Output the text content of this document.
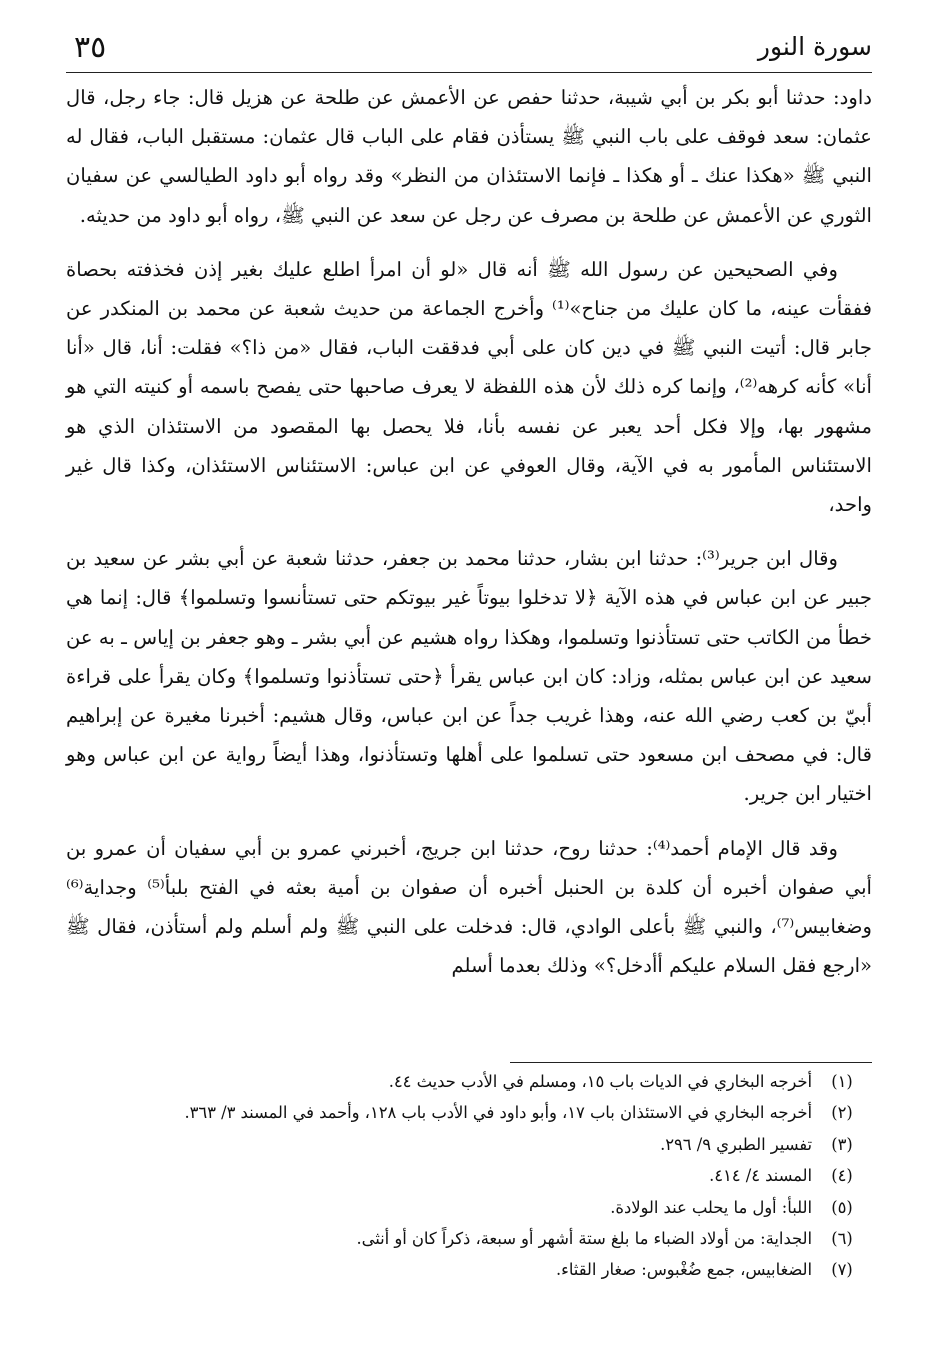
سورة النور
٣٥

داود: حدثنا أبو بكر بن أبي شيبة، حدثنا حفص عن الأعمش عن طلحة عن هزيل قال: جاء رجل، قال عثمان: سعد فوقف على باب النبي ﷺ يستأذن فقام على الباب قال عثمان: مستقبل الباب، فقال له النبي ﷺ «هكذا عنك ـ أو هكذا ـ فإنما الاستئذان من النظر» وقد رواه أبو داود الطيالسي عن سفيان الثوري عن الأعمش عن طلحة بن مصرف عن رجل عن سعد عن النبي ﷺ، رواه أبو داود من حديثه.

وفي الصحيحين عن رسول الله ﷺ أنه قال «لو أن امرأ اطلع عليك بغير إذن فخذفته بحصاة ففقأت عينه، ما كان عليك من جناح»⁽¹⁾ وأخرج الجماعة من حديث شعبة عن محمد بن المنكدر عن جابر قال: أتيت النبي ﷺ في دين كان على أبي فدققت الباب، فقال «من ذا؟» فقلت: أنا، قال «أنا أنا» كأنه كرهه⁽²⁾، وإنما كره ذلك لأن هذه اللفظة لا يعرف صاحبها حتى يفصح باسمه أو كنيته التي هو مشهور بها، وإلا فكل أحد يعبر عن نفسه بأنا، فلا يحصل بها المقصود من الاستئذان الذي هو الاستئناس المأمور به في الآية، وقال العوفي عن ابن عباس: الاستئناس الاستئذان، وكذا قال غير واحد،

وقال ابن جرير⁽³⁾: حدثنا ابن بشار، حدثنا محمد بن جعفر، حدثنا شعبة عن أبي بشر عن سعيد بن جبير عن ابن عباس في هذه الآية ﴿لا تدخلوا بيوتاً غير بيوتكم حتى تستأنسوا وتسلموا﴾ قال: إنما هي خطأ من الكاتب حتى تستأذنوا وتسلموا، وهكذا رواه هشيم عن أبي بشر ـ وهو جعفر بن إياس ـ به عن سعيد عن ابن عباس بمثله، وزاد: كان ابن عباس يقرأ ﴿حتى تستأذنوا وتسلموا﴾ وكان يقرأ على قراءة أبيّ بن كعب رضي الله عنه، وهذا غريب جداً عن ابن عباس، وقال هشيم: أخبرنا مغيرة عن إبراهيم قال: في مصحف ابن مسعود حتى تسلموا على أهلها وتستأذنوا، وهذا أيضاً رواية عن ابن عباس وهو اختيار ابن جرير.

وقد قال الإمام أحمد⁽⁴⁾: حدثنا روح، حدثنا ابن جريج، أخبرني عمرو بن أبي سفيان أن عمرو بن أبي صفوان أخبره أن كلدة بن الحنبل أخبره أن صفوان بن أمية بعثه في الفتح بلبأ⁽⁵⁾ وجداية⁽⁶⁾ وضغابيس⁽⁷⁾، والنبي ﷺ بأعلى الوادي، قال: فدخلت على النبي ﷺ ولم أسلم ولم أستأذن، فقال ﷺ «ارجع فقل السلام عليكم أأدخل؟» وذلك بعدما أسلم

(١)
أخرجه البخاري في الديات باب ١٥، ومسلم في الأدب حديث ٤٤.
(٢)
أخرجه البخاري في الاستئذان باب ١٧، وأبو داود في الأدب باب ١٢٨، وأحمد في المسند ٣/ ٣٦٣.
(٣)
تفسير الطبري ٩/ ٢٩٦.
(٤)
المسند ٤/ ٤١٤.
(٥)
اللبأ: أول ما يحلب عند الولادة.
(٦)
الجداية: من أولاد الضباء ما بلغ ستة أشهر أو سبعة، ذكراً كان أو أنثى.
(٧)
الضغابيس، جمع ضُغْبوس: صغار القثاء.
